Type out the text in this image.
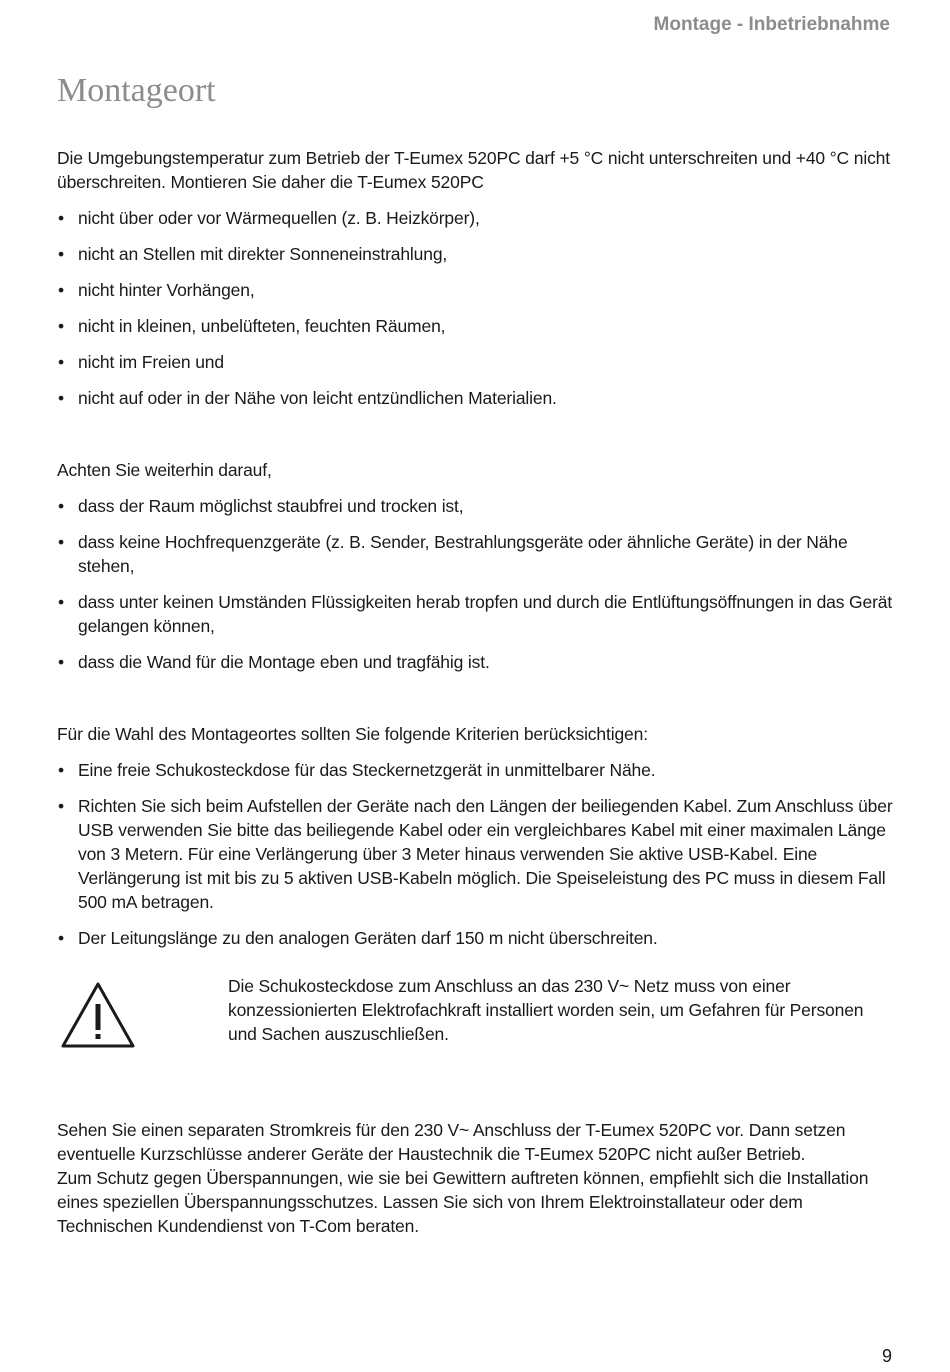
Montage - Inbetriebnahme
Montageort

Die Umgebungstemperatur zum Betrieb der T-Eumex 520PC darf +5 °C nicht unterschreiten und +40 °C nicht überschreiten. Montieren Sie daher die T-Eumex 520PC

• nicht über oder vor Wärmequellen (z. B. Heizkörper),
• nicht an Stellen mit direkter Sonneneinstrahlung,
• nicht hinter Vorhängen,
• nicht in kleinen, unbelüfteten, feuchten Räumen,
• nicht im Freien und
• nicht auf oder in der Nähe von leicht entzündlichen Materialien.

Achten Sie weiterhin darauf,

• dass der Raum möglichst staubfrei und trocken ist,
• dass keine Hochfrequenzgeräte (z. B. Sender, Bestrahlungsgeräte oder ähnliche Geräte) in der Nähe stehen,
• dass unter keinen Umständen Flüssigkeiten herab tropfen und durch die Entlüftungsöffnungen in das Gerät gelangen können,
• dass die Wand für die Montage eben und tragfähig ist.

Für die Wahl des Montageortes sollten Sie folgende Kriterien berücksichtigen:

• Eine freie Schukosteckdose für das Steckernetzgerät in unmittelbarer Nähe.
• Richten Sie sich beim Aufstellen der Geräte nach den Längen der beiliegenden Kabel. Zum Anschluss über USB verwenden Sie bitte das beiliegende Kabel oder ein vergleichbares Kabel mit einer maximalen Länge von 3 Metern. Für eine Verlängerung über 3 Meter hinaus verwenden Sie aktive USB-Kabel. Eine Verlängerung ist mit bis zu 5 aktiven USB-Kabeln möglich. Die Speiseleistung des PC muss in diesem Fall 500 mA betragen.
• Der Leitungslänge zu den analogen Geräten darf 150 m nicht überschreiten.
Die Schukosteckdose zum Anschluss an das 230 V~ Netz muss von einer konzessionierten Elektrofachkraft installiert worden sein, um Gefahren für Personen und Sachen auszuschließen.

Sehen Sie einen separaten Stromkreis für den 230 V~ Anschluss der T-Eumex 520PC vor. Dann setzen eventuelle Kurzschlüsse anderer Geräte der Haustechnik die T-Eumex 520PC nicht außer Betrieb.

Zum Schutz gegen Überspannungen, wie sie bei Gewittern auftreten können, empfiehlt sich die Installation eines speziellen Überspannungsschutzes. Lassen Sie sich von Ihrem Elektroinstallateur oder dem Technischen Kundendienst von T-Com beraten.

9
